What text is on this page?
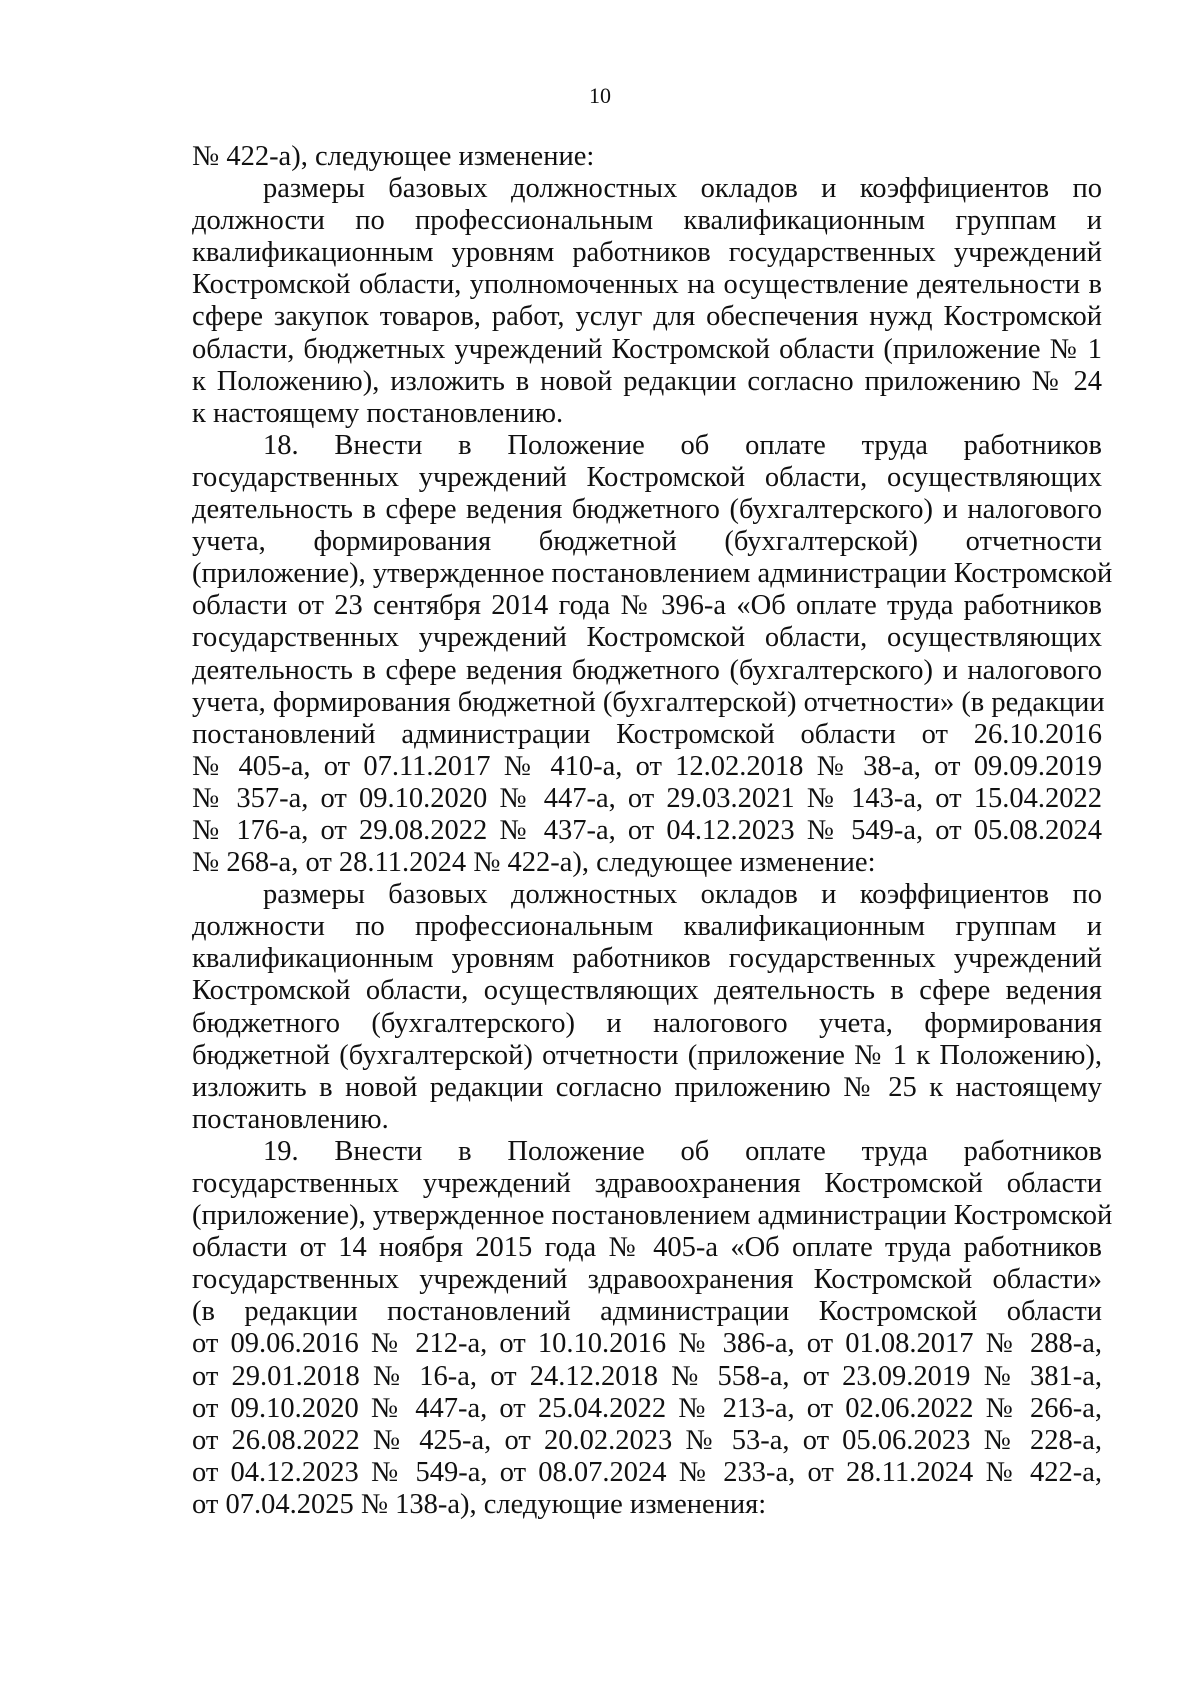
10
№ 422-а), следующее изменение:
размеры базовых должностных окладов и коэффициентов по
должности по профессиональным квалификационным группам и
квалификационным уровням работников государственных учреждений
Костромской области, уполномоченных на осуществление деятельности в
сфере закупок товаров, работ, услуг для обеспечения нужд Костромской
области, бюджетных учреждений Костромской области (приложение № 1
к Положению), изложить в новой редакции согласно приложению № 24
к настоящему постановлению.
18. Внести в Положение об оплате труда работников
государственных учреждений Костромской области, осуществляющих
деятельность в сфере ведения бюджетного (бухгалтерского) и налогового
учета, формирования бюджетной (бухгалтерской) отчетности
(приложение), утвержденное постановлением администрации Костромской
области от 23 сентября 2014 года № 396-а «Об оплате труда работников
государственных учреждений Костромской области, осуществляющих
деятельность в сфере ведения бюджетного (бухгалтерского) и налогового
учета, формирования бюджетной (бухгалтерской) отчетности» (в редакции
постановлений администрации Костромской области от 26.10.2016
№ 405-а, от 07.11.2017 № 410-а, от 12.02.2018 № 38-а, от 09.09.2019
№ 357-а, от 09.10.2020 № 447-а, от 29.03.2021 № 143-а, от 15.04.2022
№ 176-а, от 29.08.2022 № 437-а, от 04.12.2023 № 549-а, от 05.08.2024
№ 268-а, от 28.11.2024 № 422-а), следующее изменение:
размеры базовых должностных окладов и коэффициентов по
должности по профессиональным квалификационным группам и
квалификационным уровням работников государственных учреждений
Костромской области, осуществляющих деятельность в сфере ведения
бюджетного (бухгалтерского) и налогового учета, формирования
бюджетной (бухгалтерской) отчетности (приложение № 1 к Положению),
изложить в новой редакции согласно приложению № 25 к настоящему
постановлению.
19. Внести в Положение об оплате труда работников
государственных учреждений здравоохранения Костромской области
(приложение), утвержденное постановлением администрации Костромской
области от 14 ноября 2015 года № 405-а «Об оплате труда работников
государственных учреждений здравоохранения Костромской области»
(в редакции постановлений администрации Костромской области
от 09.06.2016 № 212-а, от 10.10.2016 № 386-а, от 01.08.2017 № 288-а,
от 29.01.2018 № 16-а, от 24.12.2018 № 558-а, от 23.09.2019 № 381-а,
от 09.10.2020 № 447-а, от 25.04.2022 № 213-а, от 02.06.2022 № 266-а,
от 26.08.2022 № 425-а, от 20.02.2023 № 53-а, от 05.06.2023 № 228-а,
от 04.12.2023 № 549-а, от 08.07.2024 № 233-а, от 28.11.2024 № 422-а,
от 07.04.2025 № 138-а), следующие изменения:
